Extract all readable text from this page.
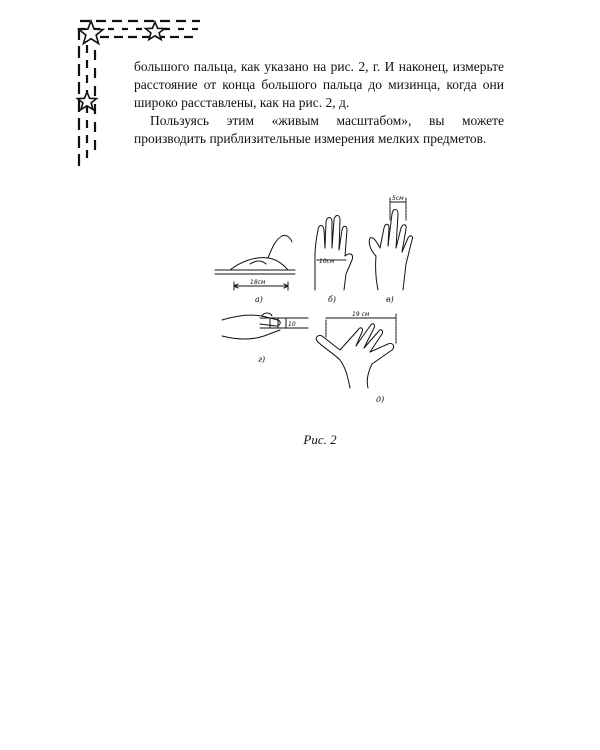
большого пальца, как указано на рис. 2, г. И наконец, измерьте расстояние от конца большого пальца до мизинца, когда они широко расставлены, как на рис. 2, д.

Пользуясь этим «живым масштабом», вы можете производить приблизительные измерения мелких предметов.

18см
10см
5см
10
19 см
а)	б)	в)
г)
д)
Рис. 2
